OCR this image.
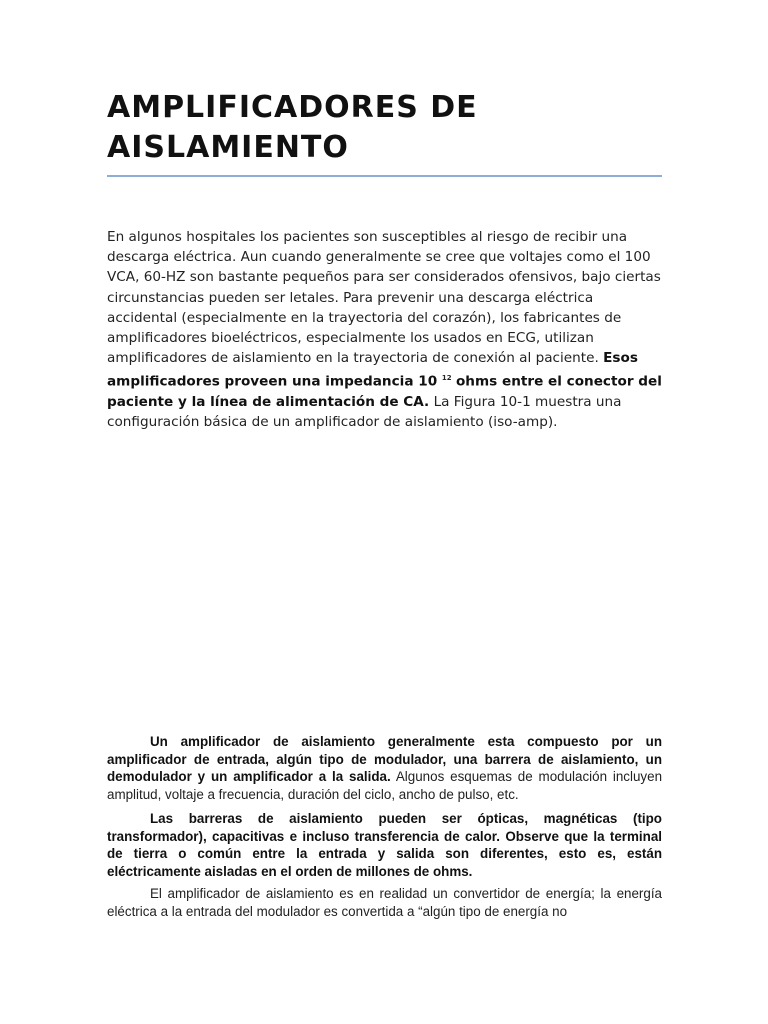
AMPLIFICADORES DE
AISLAMIENTO

En algunos hospitales los pacientes son susceptibles al riesgo de recibir una descarga eléctrica. Aun cuando generalmente se cree que voltajes como el 100 VCA, 60-HZ son bastante pequeños para ser considerados ofensivos, bajo ciertas circunstancias pueden ser letales. Para prevenir una descarga eléctrica accidental (especialmente en la trayectoria del corazón), los fabricantes de amplificadores bioeléctricos, especialmente los usados en ECG, utilizan amplificadores de aislamiento en la trayectoria de conexión al paciente. Esos amplificadores proveen una impedancia 10 $^{12}$ ohms entre el conector del paciente y la línea de alimentación de CA. La Figura 10-1 muestra una configuración básica de un amplificador de aislamiento (iso-amp).

Un amplificador de aislamiento generalmente esta compuesto por un amplificador de entrada, algún tipo de modulador, una barrera de aislamiento, un demodulador y un amplificador a la salida. Algunos esquemas de modulación incluyen amplitud, voltaje a frecuencia, duración del ciclo, ancho de pulso, etc.

Las barreras de aislamiento pueden ser ópticas, magnéticas (tipo transformador), capacitivas e incluso transferencia de calor. Observe que la terminal de tierra o común entre la entrada y salida son diferentes, esto es, están eléctricamente aisladas en el orden de millones de ohms.

El amplificador de aislamiento es en realidad un convertidor de energía; la energía eléctrica a la entrada del modulador es convertida a “algún tipo de energía no
